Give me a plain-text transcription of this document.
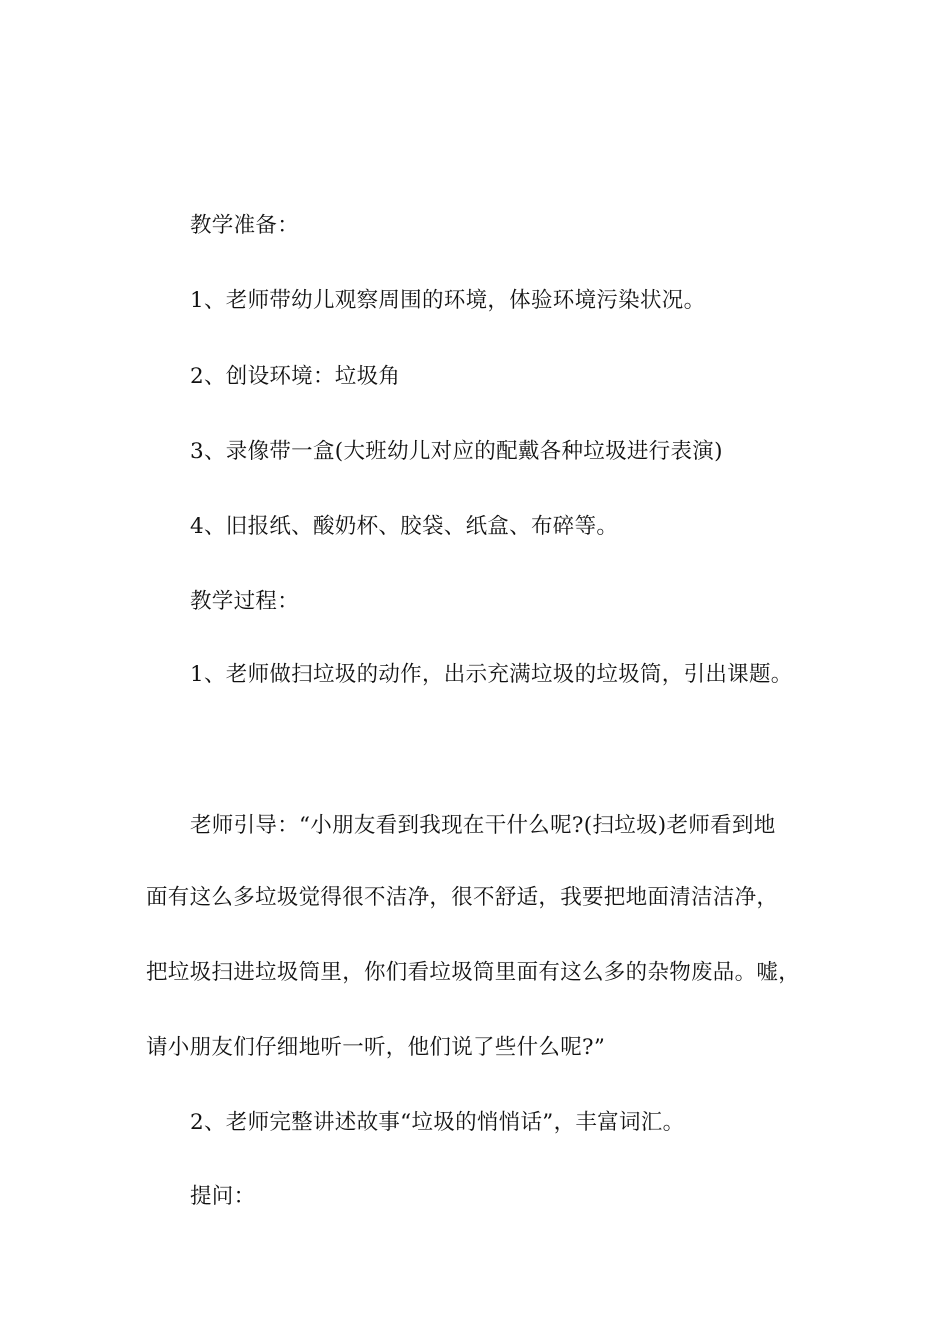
教学准备：
1、老师带幼儿观察周围的环境，体验环境污染状况。
2、创设环境：垃圾角
3、录像带一盒(大班幼儿对应的配戴各种垃圾进行表演)
4、旧报纸、酸奶杯、胶袋、纸盒、布碎等。
教学过程：
1、老师做扫垃圾的动作，出示充满垃圾的垃圾筒，引出课题。
老师引导：“小朋友看到我现在干什么呢?(扫垃圾)老师看到地
面有这么多垃圾觉得很不洁净，很不舒适，我要把地面清洁洁净，
把垃圾扫进垃圾筒里，你们看垃圾筒里面有这么多的杂物废品。嘘，
请小朋友们仔细地听一听，他们说了些什么呢?”
2、老师完整讲述故事“垃圾的悄悄话”，丰富词汇。
提问：
